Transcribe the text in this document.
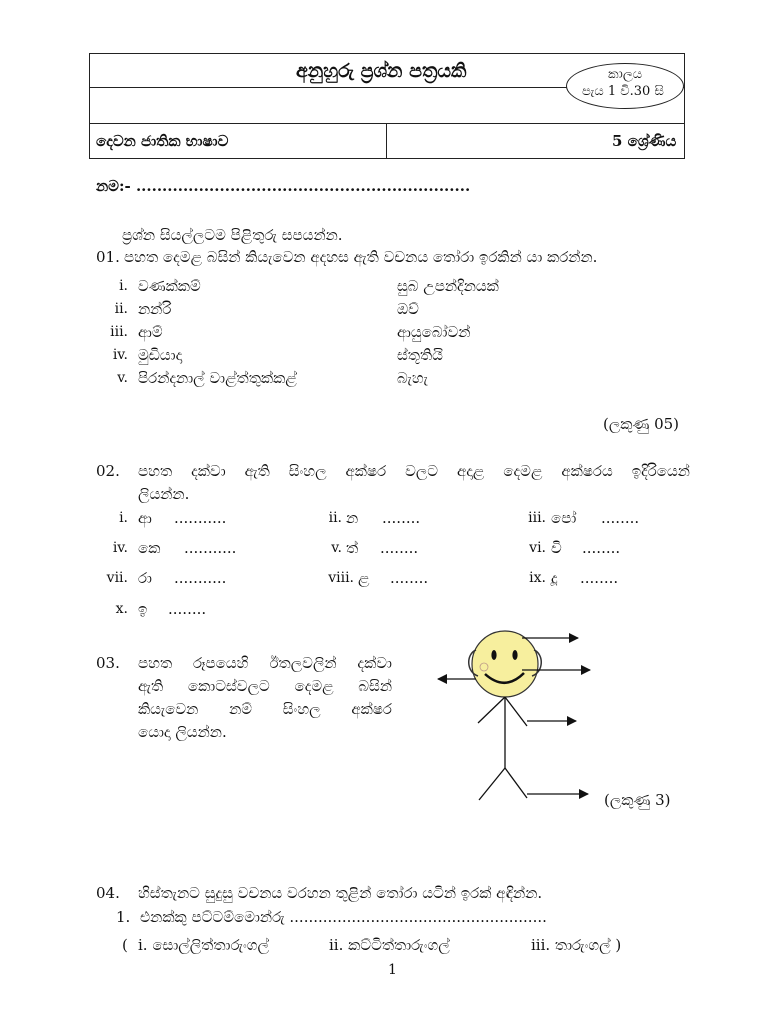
අනුහුරු ප්‍රශ්න පත්‍රයකි	කාලය
පැය 1 වි.30 සි
දෙවන ජාතික භාෂාව	5 ශ්‍රේණිය
නම:- ................................................................
ප්‍රශ්න සියල්ලටම පිළිතුරු සපයන්න.
01. පහත දෙමළ බසින් කියැවෙන අදහස ඇති වචනය තෝරා ඉරකින් යා කරන්න.
i. වණක්කම්	සුබ උපන්දිනයක්
ii. නන්රි	ඔව්
iii. ආම්	ආයුබෝවන්
iv. මුඩියාදා	ස්තූතියි
v. පිරන්දනාල් වාළ්ත්තුක්කළ්	බැහැ
(ලකුණු 05)
02. පහත දක්වා ඇති සිංහල අක්ෂර වලට අදාළ දෙමළ අක්ෂරය ඉදිරියෙන්
ලියන්න.
i. ආ ...........	ii. න ........	iii. පෝ ........
iv. කෙ ...........	v. ත් ........	vi. වි ........
vii. රා ...........	viii. ළ ........	ix. දූ ........
x. ඉ ........
03. පහත රූපයෙහි ඊතලවලින් දක්වා
ඇති කොටස්වලට දෙමළ බසින්
කියැවෙන නම් සිංහල අක්ෂර
යොදා ලියන්න.
(ලකුණු 3)
04. හිස්තැනට සුදුසු වචනය වරහන තුළින් තෝරා යටින් ඉරක් අඳින්න.
1. එනක්කු පට්ටම්මොන්රු ......................................................
( i. සොල්ලිත්තාරුංගල්	ii. කට්ටිත්තාරුංගල්	iii. තාරුංගල් )
1
